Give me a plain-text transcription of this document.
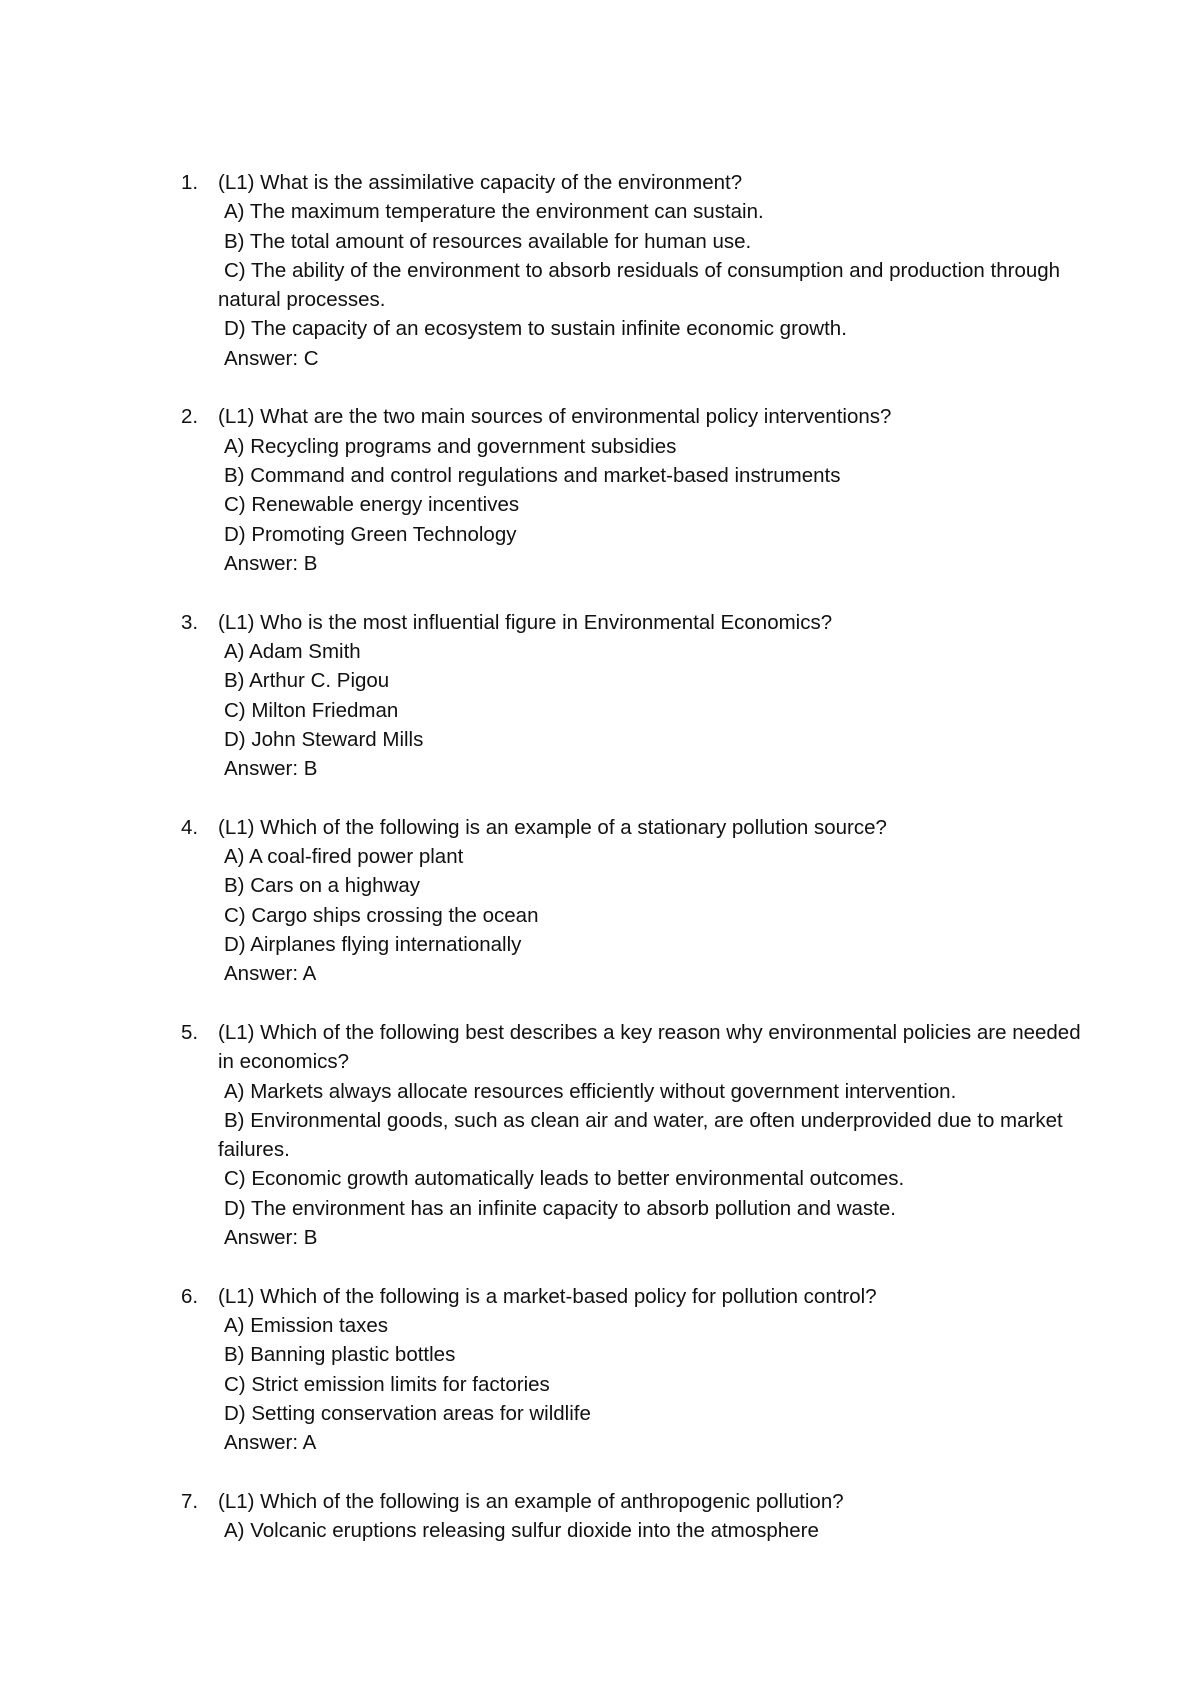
1. (L1) What is the assimilative capacity of the environment?
A) The maximum temperature the environment can sustain.
B) The total amount of resources available for human use.
C) The ability of the environment to absorb residuals of consumption and production through natural processes.
D) The capacity of an ecosystem to sustain infinite economic growth.
Answer: C
2. (L1) What are the two main sources of environmental policy interventions?
A) Recycling programs and government subsidies
B) Command and control regulations and market-based instruments
C) Renewable energy incentives
D) Promoting Green Technology
Answer: B
3. (L1) Who is the most influential figure in Environmental Economics?
A) Adam Smith
B) Arthur C. Pigou
C) Milton Friedman
D) John Steward Mills
Answer: B
4. (L1) Which of the following is an example of a stationary pollution source?
A) A coal-fired power plant
B) Cars on a highway
C) Cargo ships crossing the ocean
D) Airplanes flying internationally
Answer: A
5. (L1) Which of the following best describes a key reason why environmental policies are needed in economics?
A) Markets always allocate resources efficiently without government intervention.
B) Environmental goods, such as clean air and water, are often underprovided due to market failures.
C) Economic growth automatically leads to better environmental outcomes.
D) The environment has an infinite capacity to absorb pollution and waste.
Answer: B
6. (L1) Which of the following is a market-based policy for pollution control?
A) Emission taxes
B) Banning plastic bottles
C) Strict emission limits for factories
D) Setting conservation areas for wildlife
Answer: A
7. (L1) Which of the following is an example of anthropogenic pollution?
A) Volcanic eruptions releasing sulfur dioxide into the atmosphere
